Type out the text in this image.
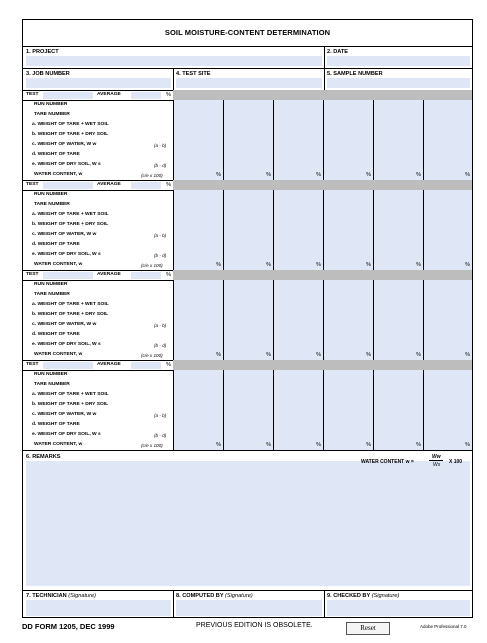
SOIL MOISTURE-CONTENT DETERMINATION
1. PROJECT	2. DATE
3. JOB NUMBER	4. TEST SITE	5. SAMPLE NUMBER
TEST	AVERAGE	%
RUN NUMBER
TARE NUMBER
a. WEIGHT OF TARE + WET SOIL
b. WEIGHT OF TARE + DRY SOIL
c. WEIGHT OF WATER, W w	(a - b)
d. WEIGHT OF TARE
e. WEIGHT OF DRY SOIL, W s	(b - d)
WATER CONTENT, w	(c/e x 100)	%	%	%	%	%	%
TEST	AVERAGE	%
RUN NUMBER
TARE NUMBER
a. WEIGHT OF TARE + WET SOIL
b. WEIGHT OF TARE + DRY SOIL
c. WEIGHT OF WATER, W w	(a - b)
d. WEIGHT OF TARE
e. WEIGHT OF DRY SOIL, W s	(b - d)
WATER CONTENT, w	(c/e x 100)	%	%	%	%	%	%
TEST	AVERAGE	%
RUN NUMBER
TARE NUMBER
a. WEIGHT OF TARE + WET SOIL
b. WEIGHT OF TARE + DRY SOIL
c. WEIGHT OF WATER, W w	(a - b)
d. WEIGHT OF TARE
e. WEIGHT OF DRY SOIL, W s	(b - d)
WATER CONTENT, w	(c/e x 100)	%	%	%	%	%	%
TEST	AVERAGE	%
RUN NUMBER
TARE NUMBER
a. WEIGHT OF TARE + WET SOIL
b. WEIGHT OF TARE + DRY SOIL
c. WEIGHT OF WATER, W w	(a - b)
d. WEIGHT OF TARE
e. WEIGHT OF DRY SOIL, W s	(b - d)
WATER CONTENT, w	(c/e x 100)	%	%	%	%	%	%
6. REMARKS
WATER CONTENT w =
Ww
Ws X 100
7. TECHNICIAN (Signature)	8. COMPUTED BY (Signature)	9. CHECKED BY (Signature)
DD FORM 1205, DEC 1999	PREVIOUS EDITION IS OBSOLETE.	Reset	Adobe Professional 7.0
